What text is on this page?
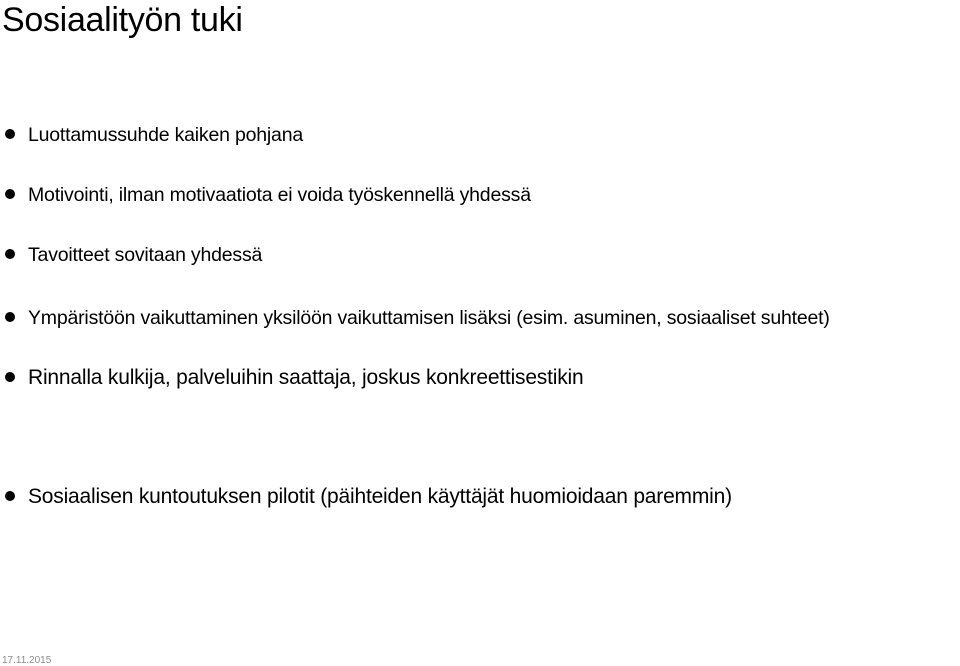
Sosiaalityön tuki
Luottamussuhde kaiken pohjana
Motivointi, ilman motivaatiota ei voida työskennellä yhdessä
Tavoitteet sovitaan yhdessä
Ympäristöön vaikuttaminen yksilöön vaikuttamisen lisäksi (esim. asuminen, sosiaaliset suhteet)
Rinnalla kulkija, palveluihin saattaja, joskus konkreettisestikin
Sosiaalisen kuntoutuksen pilotit (päihteiden käyttäjät huomioidaan paremmin)
17.11.2015
